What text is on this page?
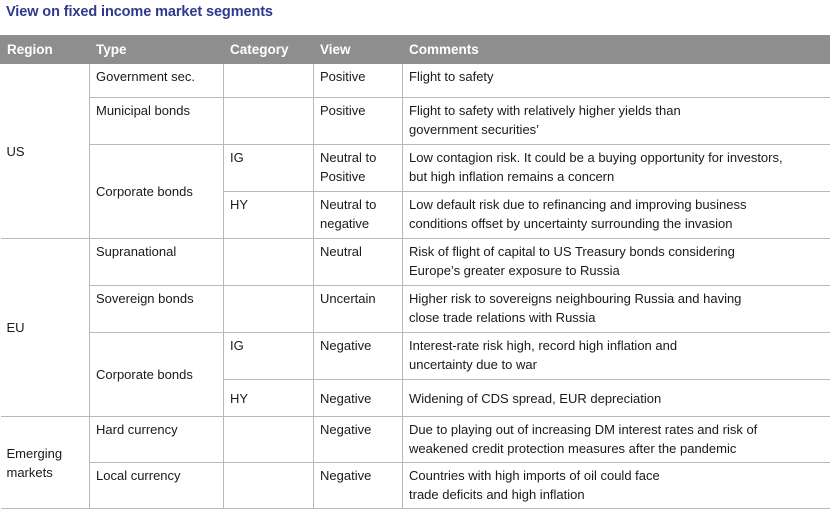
View on fixed income market segments
Region	Type	Category	View	Comments
US	Government sec.		Positive	Flight to safety
	Municipal bonds		Positive	Flight to safety with relatively higher yields than
government securities’
	Corporate bonds	IG	Neutral to
Positive	Low contagion risk. It could be a buying opportunity for investors,
but high inflation remains a concern
		HY	Neutral to
negative	Low default risk due to refinancing and improving business
conditions offset by uncertainty surrounding the invasion
EU	Supranational		Neutral	Risk of flight of capital to US Treasury bonds considering
Europe’s greater exposure to Russia
	Sovereign bonds		Uncertain	Higher risk to sovereigns neighbouring Russia and having
close trade relations with Russia
	Corporate bonds	IG	Negative	Interest-rate risk high, record high inflation and
uncertainty due to war
		HY	Negative	Widening of CDS spread, EUR depreciation
Emerging
markets	Hard currency		Negative	Due to playing out of increasing DM interest rates and risk of
weakened credit protection measures after the pandemic
	Local currency		Negative	Countries with high imports of oil could face
trade deficits and high inflation
